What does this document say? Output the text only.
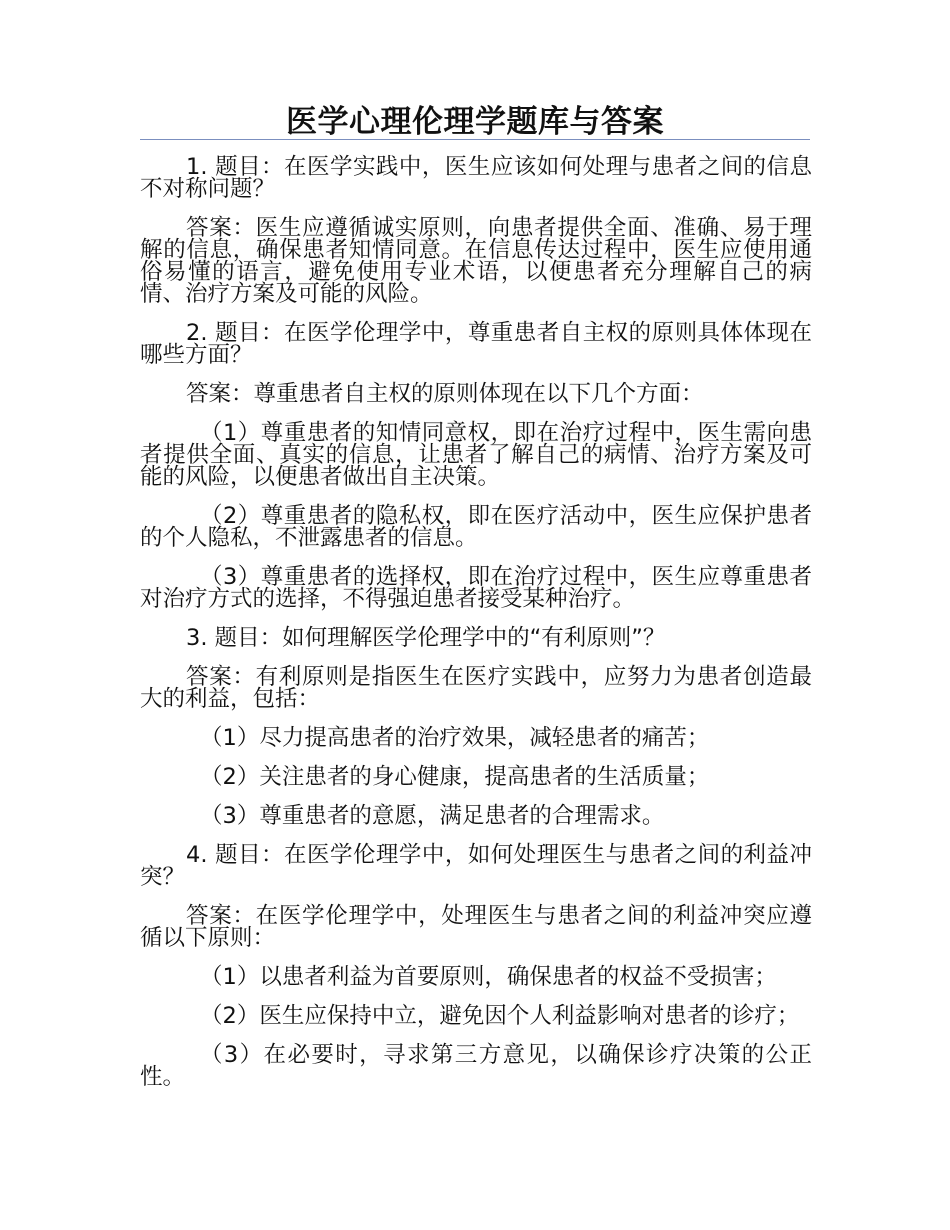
医学心理伦理学题库与答案

1. 题目：在医学实践中，医生应该如何处理与患者之间的信息不对称问题？

答案：医生应遵循诚实原则，向患者提供全面、准确、易于理解的信息，确保患者知情同意。在信息传达过程中，医生应使用通俗易懂的语言，避免使用专业术语，以便患者充分理解自己的病情、治疗方案及可能的风险。

2. 题目：在医学伦理学中，尊重患者自主权的原则具体体现在哪些方面？

答案：尊重患者自主权的原则体现在以下几个方面：

（1）尊重患者的知情同意权，即在治疗过程中，医生需向患者提供全面、真实的信息，让患者了解自己的病情、治疗方案及可能的风险，以便患者做出自主决策。

（2）尊重患者的隐私权，即在医疗活动中，医生应保护患者的个人隐私，不泄露患者的信息。

（3）尊重患者的选择权，即在治疗过程中，医生应尊重患者对治疗方式的选择，不得强迫患者接受某种治疗。

3. 题目：如何理解医学伦理学中的“有利原则”？

答案：有利原则是指医生在医疗实践中，应努力为患者创造最大的利益，包括：

（1）尽力提高患者的治疗效果，减轻患者的痛苦；

（2）关注患者的身心健康，提高患者的生活质量；

（3）尊重患者的意愿，满足患者的合理需求。

4. 题目：在医学伦理学中，如何处理医生与患者之间的利益冲突？

答案：在医学伦理学中，处理医生与患者之间的利益冲突应遵循以下原则：

（1）以患者利益为首要原则，确保患者的权益不受损害；

（2）医生应保持中立，避免因个人利益影响对患者的诊疗；

（3）在必要时，寻求第三方意见，以确保诊疗决策的公正性。
